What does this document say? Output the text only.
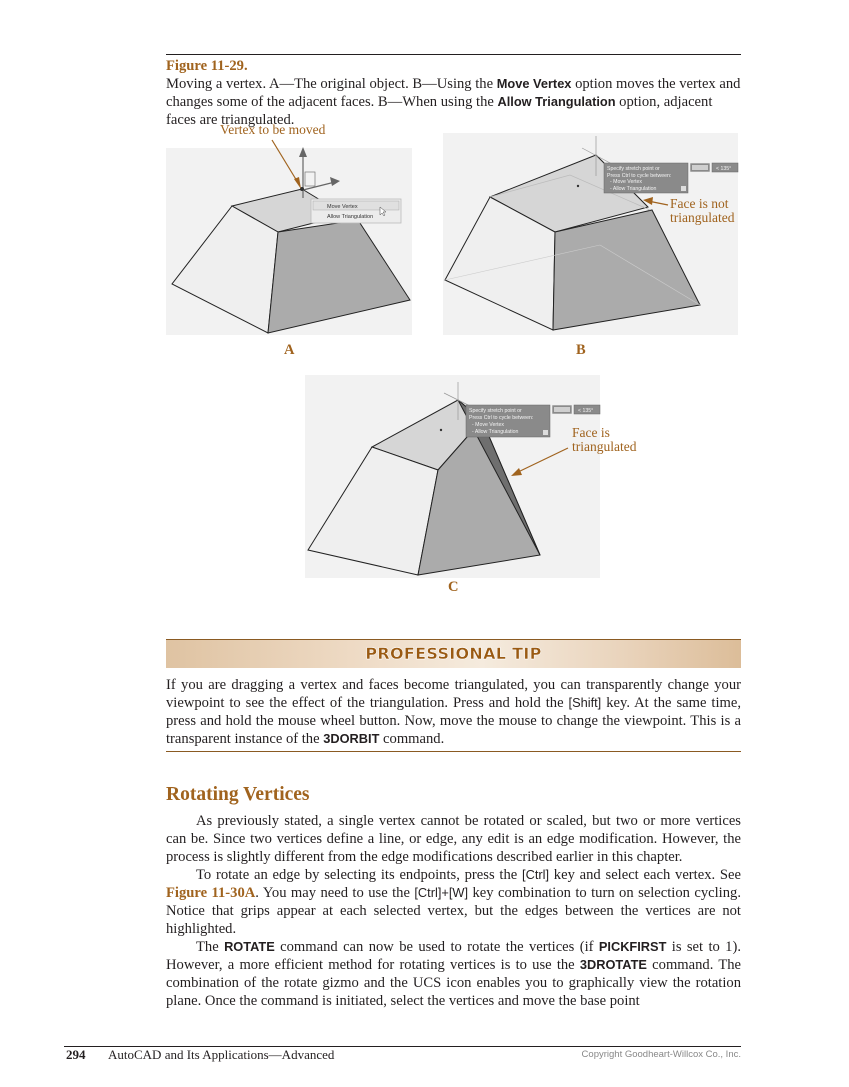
Figure 11-29.
Moving a vertex. A—The original object. B—Using the Move Vertex option moves the vertex and changes some of the adjacent faces. B—When using the Allow Triangulation option, adjacent faces are triangulated.
Move Vertex
Allow Triangulation
Specify stretch point or Press Ctrl to cycle between: - Move Vertex - Allow Triangulation
< 135°
Specify stretch point or Press Ctrl to cycle between: - Move Vertex - Allow Triangulation
< 135°
Vertex to be moved
Face is not
triangulated
Face is
triangulated
A	B
C
PROFESSIONAL TIP
If you are dragging a vertex and faces become triangulated, you can transparently change your viewpoint to see the effect of the triangulation. Press and hold the [Shift] key. At the same time, press and hold the mouse wheel button. Now, move the mouse to change the viewpoint. This is a transparent instance of the 3DORBIT command.
Rotating Vertices

As previously stated, a single vertex cannot be rotated or scaled, but two or more vertices can be. Since two vertices define a line, or edge, any edit is an edge modification. However, the process is slightly different from the edge modifications described earlier in this chapter.

To rotate an edge by selecting its endpoints, press the [Ctrl] key and select each vertex. See Figure 11-30A. You may need to use the [Ctrl]+[W] key combination to turn on selection cycling. Notice that grips appear at each selected vertex, but the edges between the vertices are not highlighted.

The ROTATE command can now be used to rotate the vertices (if PICKFIRST is set to 1). However, a more efficient method for rotating vertices is to use the 3DROTATE command. The combination of the rotate gizmo and the UCS icon enables you to graphically view the rotation plane. Once the command is initiated, select the vertices and move the base point

294 AutoCAD and Its Applications—Advanced	Copyright Goodheart-Willcox Co., Inc.
